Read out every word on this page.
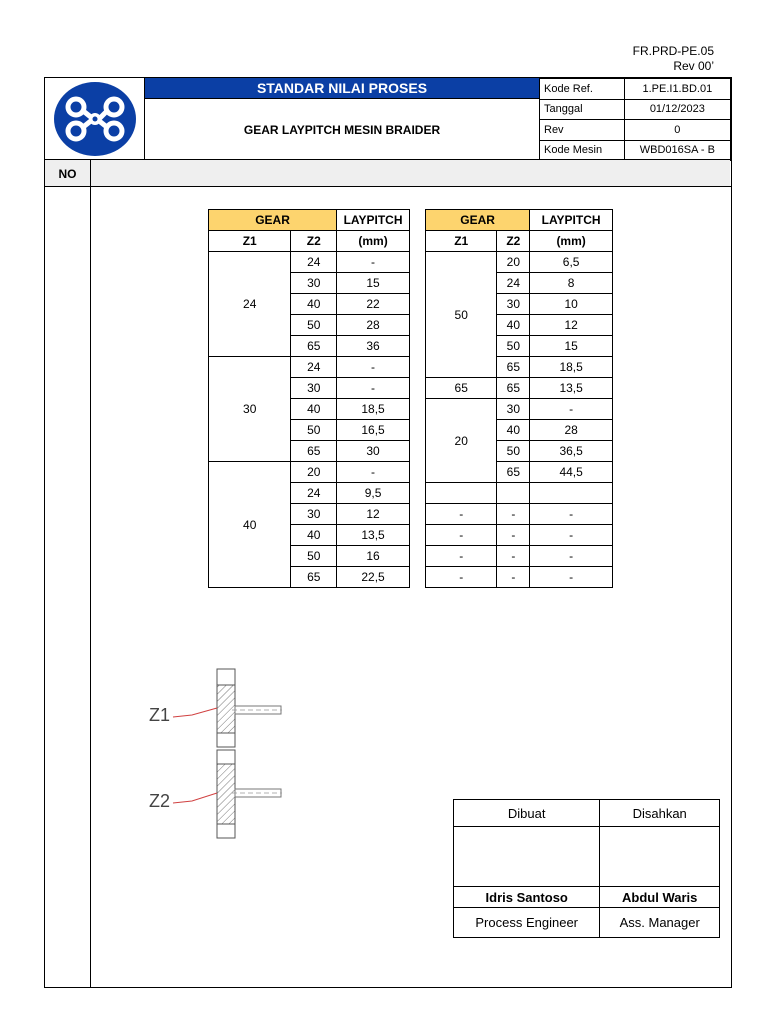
FR.PRD-PE.05
Rev 00’
STANDAR NILAI PROSES
GEAR LAYPITCH MESIN BRAIDER
Kode Ref.	1.PE.I1.BD.01
Tanggal	01/12/2023
Rev	0
Kode Mesin	WBD016SA - B
NO
GEAR		LAYPITCH
Z1	Z2	(mm)
24	24	-
	30	15
	40	22
	50	28
	65	36
30	24	-
	30	-
	40	18,5
	50	16,5
	65	30
40	20	-
	24	9,5
	30	12
	40	13,5
	50	16
	65	22,5
GEAR		LAYPITCH
Z1	Z2	(mm)
50	20	6,5
	24	8
	30	10
	40	12
	50	15
	65	18,5
65	65	13,5
20	30	-
	40	28
	50	36,5
	65	44,5

-	-	-
-	-	-
-	-	-
-	-	-
Z1
Z2
Dibuat	Disahkan

Idris Santoso	Abdul Waris
Process Engineer	Ass. Manager
